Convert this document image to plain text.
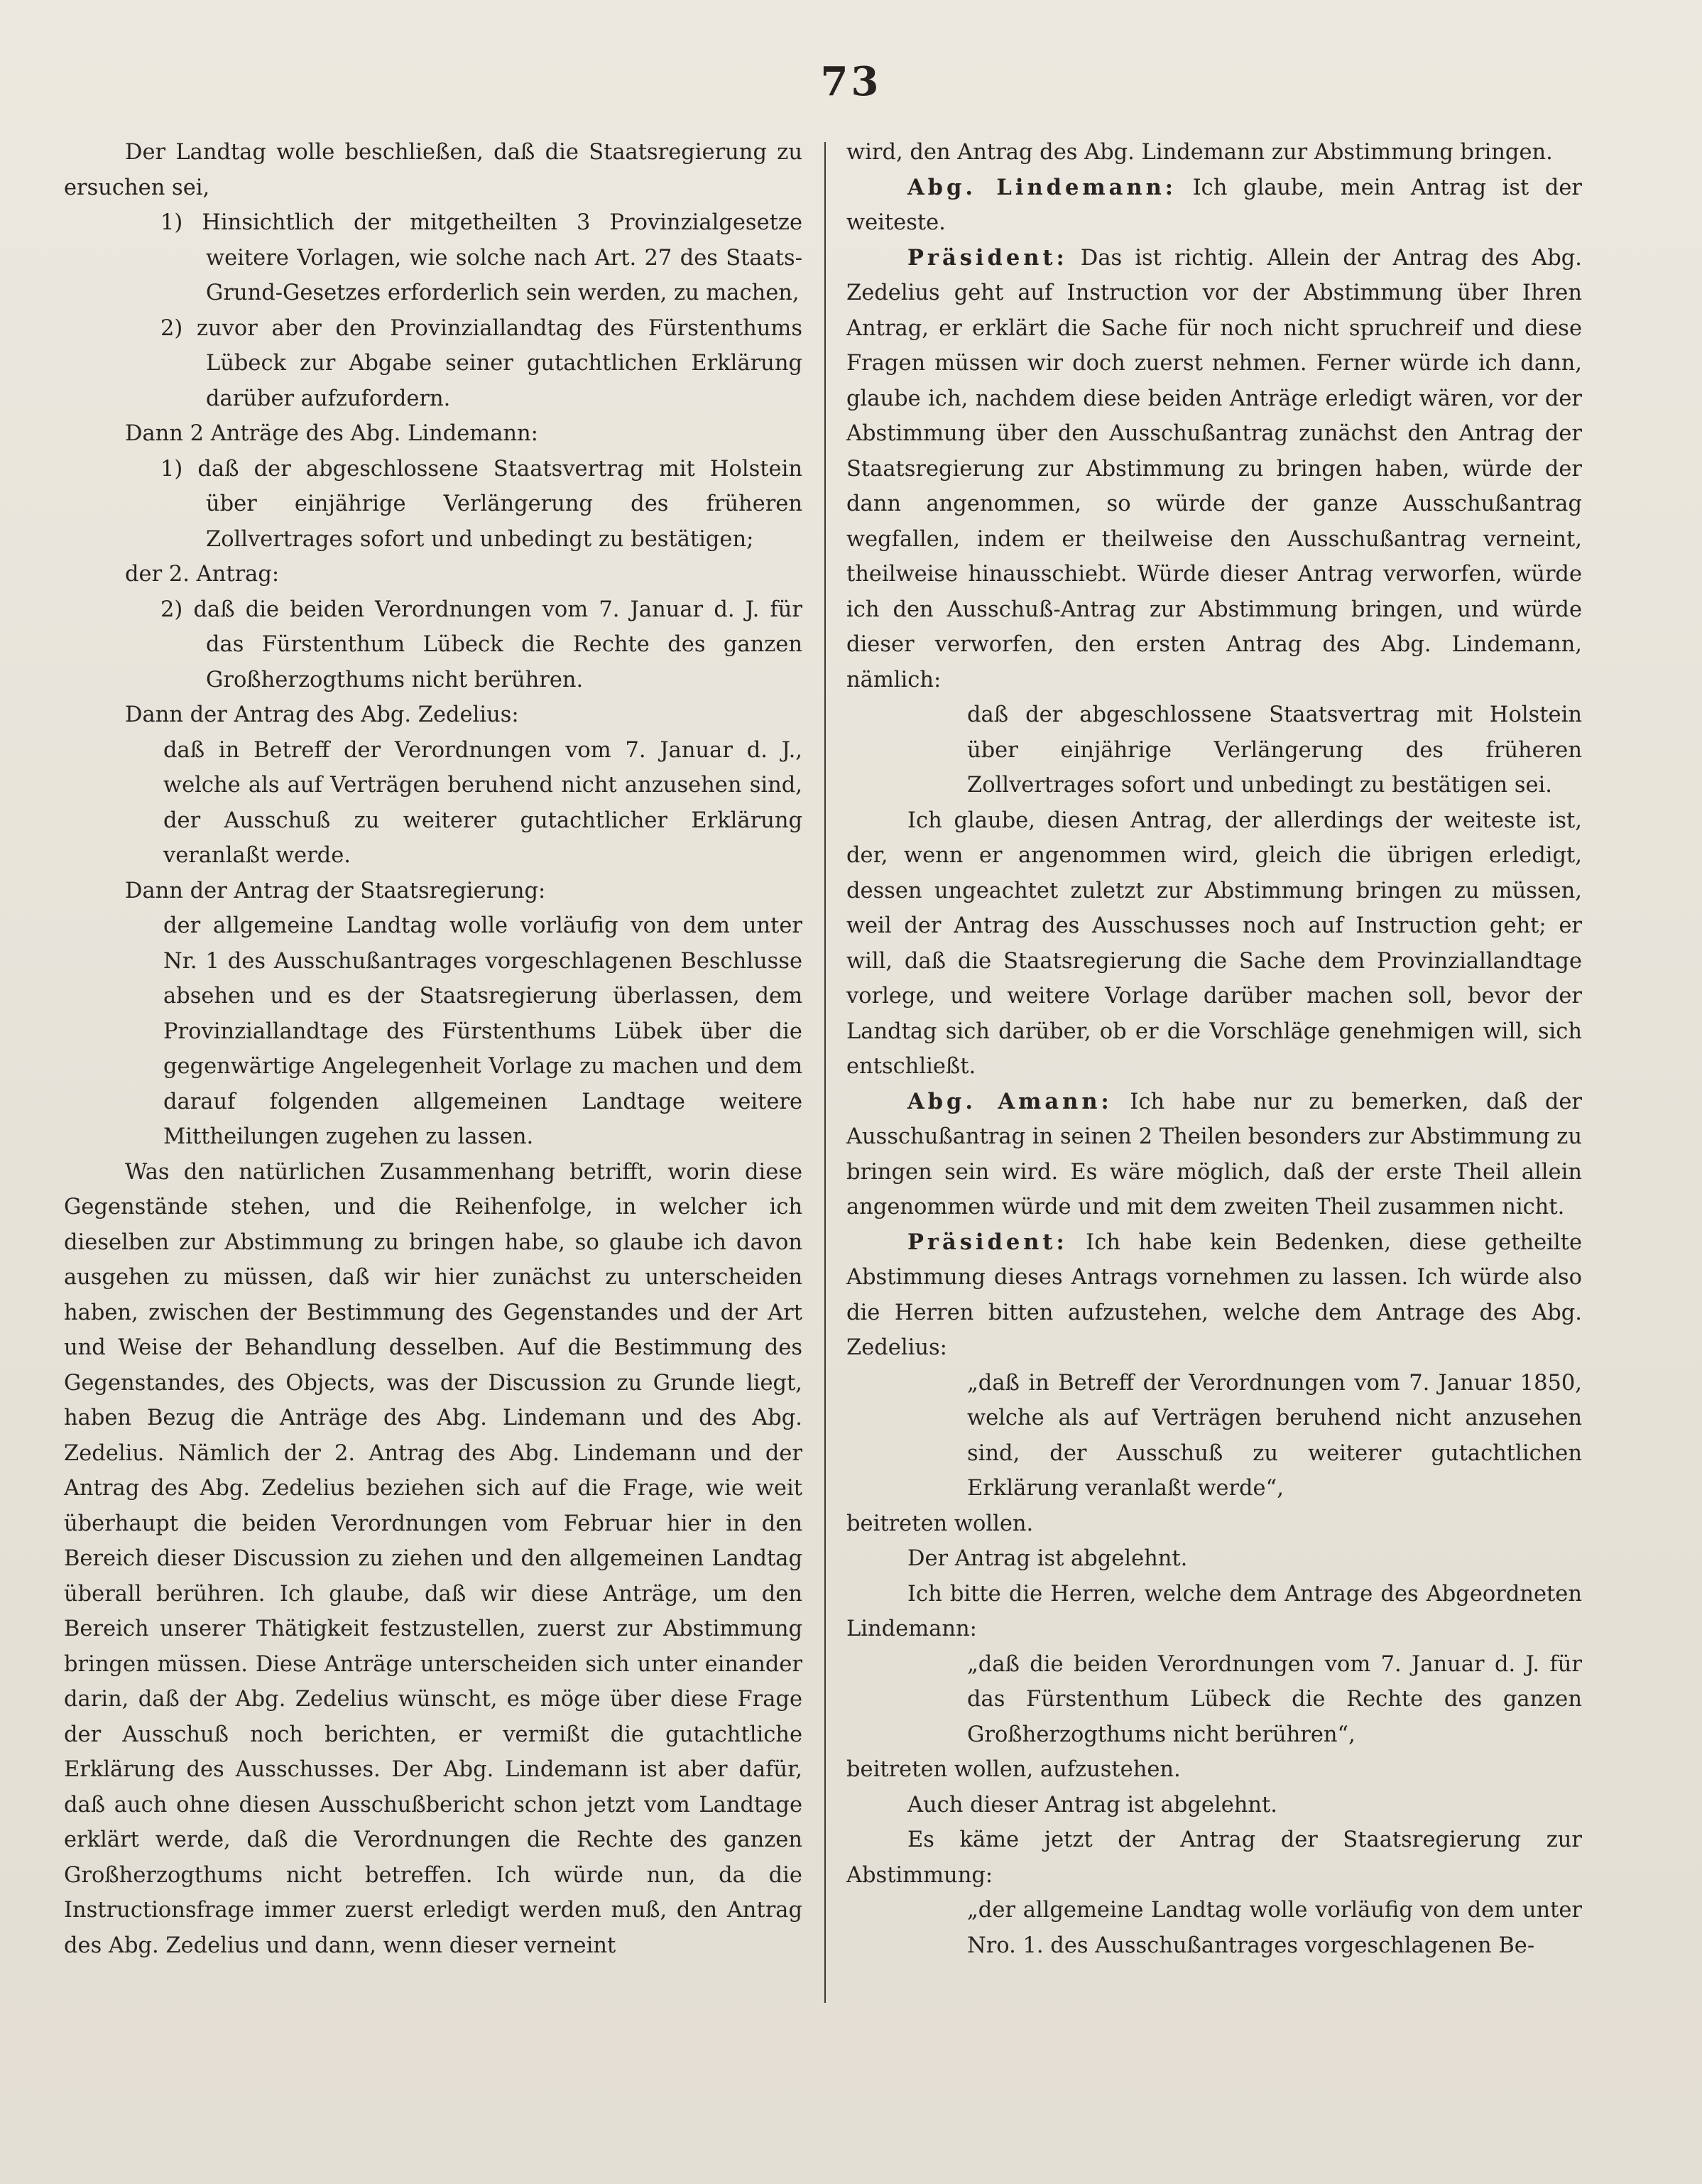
73

Der Landtag wolle beschließen, daß die Staatsregierung zu ersuchen sei,

1) Hinsichtlich der mitgetheilten 3 Provinzialgesetze weitere Vorlagen, wie solche nach Art. 27 des Staats-Grund-Gesetzes erforderlich sein werden, zu machen,

2) zuvor aber den Provinziallandtag des Fürstenthums Lübeck zur Abgabe seiner gutachtlichen Erklärung darüber aufzufordern.

Dann 2 Anträge des Abg. Lindemann:

1) daß der abgeschlossene Staatsvertrag mit Holstein über einjährige Verlängerung des früheren Zollvertrages sofort und unbedingt zu bestätigen;

der 2. Antrag:

2) daß die beiden Verordnungen vom 7. Januar d. J. für das Fürstenthum Lübeck die Rechte des ganzen Großherzogthums nicht berühren.

Dann der Antrag des Abg. Zedelius:

daß in Betreff der Verordnungen vom 7. Januar d. J., welche als auf Verträgen beruhend nicht anzusehen sind, der Ausschuß zu weiterer gutachtlicher Erklärung veranlaßt werde.

Dann der Antrag der Staatsregierung:

der allgemeine Landtag wolle vorläufig von dem unter Nr. 1 des Ausschußantrages vorgeschlagenen Beschlusse absehen und es der Staatsregierung überlassen, dem Provinziallandtage des Fürstenthums Lübek über die gegenwärtige Angelegenheit Vorlage zu machen und dem darauf folgenden allgemeinen Landtage weitere Mittheilungen zugehen zu lassen.

Was den natürlichen Zusammenhang betrifft, worin diese Gegenstände stehen, und die Reihenfolge, in welcher ich dieselben zur Abstimmung zu bringen habe, so glaube ich davon ausgehen zu müssen, daß wir hier zunächst zu unterscheiden haben, zwischen der Bestimmung des Gegenstandes und der Art und Weise der Behandlung desselben. Auf die Bestimmung des Gegenstandes, des Objects, was der Discussion zu Grunde liegt, haben Bezug die Anträge des Abg. Lindemann und des Abg. Zedelius. Nämlich der 2. Antrag des Abg. Lindemann und der Antrag des Abg. Zedelius beziehen sich auf die Frage, wie weit überhaupt die beiden Verordnungen vom Februar hier in den Bereich dieser Discussion zu ziehen und den allgemeinen Landtag überall berühren. Ich glaube, daß wir diese Anträge, um den Bereich unserer Thätigkeit festzustellen, zuerst zur Abstimmung bringen müssen. Diese Anträge unterscheiden sich unter einander darin, daß der Abg. Zedelius wünscht, es möge über diese Frage der Ausschuß noch berichten, er vermißt die gutachtliche Erklärung des Ausschusses. Der Abg. Lindemann ist aber dafür, daß auch ohne diesen Ausschußbericht schon jetzt vom Landtage erklärt werde, daß die Verordnungen die Rechte des ganzen Großherzogthums nicht betreffen. Ich würde nun, da die Instructionsfrage immer zuerst erledigt werden muß, den Antrag des Abg. Zedelius und dann, wenn dieser verneint

wird, den Antrag des Abg. Lindemann zur Abstimmung bringen.

Abg. Lindemann: Ich glaube, mein Antrag ist der weiteste.

Präsident: Das ist richtig. Allein der Antrag des Abg. Zedelius geht auf Instruction vor der Abstimmung über Ihren Antrag, er erklärt die Sache für noch nicht spruchreif und diese Fragen müssen wir doch zuerst nehmen. Ferner würde ich dann, glaube ich, nachdem diese beiden Anträge erledigt wären, vor der Abstimmung über den Ausschußantrag zunächst den Antrag der Staatsregierung zur Abstimmung zu bringen haben, würde der dann angenommen, so würde der ganze Ausschußantrag wegfallen, indem er theilweise den Ausschußantrag verneint, theilweise hinausschiebt. Würde dieser Antrag verworfen, würde ich den Ausschuß-Antrag zur Abstimmung bringen, und würde dieser verworfen, den ersten Antrag des Abg. Lindemann, nämlich:

daß der abgeschlossene Staatsvertrag mit Holstein über einjährige Verlängerung des früheren Zollvertrages sofort und unbedingt zu bestätigen sei.

Ich glaube, diesen Antrag, der allerdings der weiteste ist, der, wenn er angenommen wird, gleich die übrigen erledigt, dessen ungeachtet zuletzt zur Abstimmung bringen zu müssen, weil der Antrag des Ausschusses noch auf Instruction geht; er will, daß die Staatsregierung die Sache dem Provinziallandtage vorlege, und weitere Vorlage darüber machen soll, bevor der Landtag sich darüber, ob er die Vorschläge genehmigen will, sich entschließt.

Abg. Amann: Ich habe nur zu bemerken, daß der Ausschußantrag in seinen 2 Theilen besonders zur Abstimmung zu bringen sein wird. Es wäre möglich, daß der erste Theil allein angenommen würde und mit dem zweiten Theil zusammen nicht.

Präsident: Ich habe kein Bedenken, diese getheilte Abstimmung dieses Antrags vornehmen zu lassen. Ich würde also die Herren bitten aufzustehen, welche dem Antrage des Abg. Zedelius:

„daß in Betreff der Verordnungen vom 7. Januar 1850, welche als auf Verträgen beruhend nicht anzusehen sind, der Ausschuß zu weiterer gutachtlichen Erklärung veranlaßt werde“,

beitreten wollen.

Der Antrag ist abgelehnt.

Ich bitte die Herren, welche dem Antrage des Abgeordneten Lindemann:

„daß die beiden Verordnungen vom 7. Januar d. J. für das Fürstenthum Lübeck die Rechte des ganzen Großherzogthums nicht berühren“,

beitreten wollen, aufzustehen.

Auch dieser Antrag ist abgelehnt.

Es käme jetzt der Antrag der Staatsregierung zur Abstimmung:

„der allgemeine Landtag wolle vorläufig von dem unter Nro. 1. des Ausschußantrages vorgeschlagenen Be-
